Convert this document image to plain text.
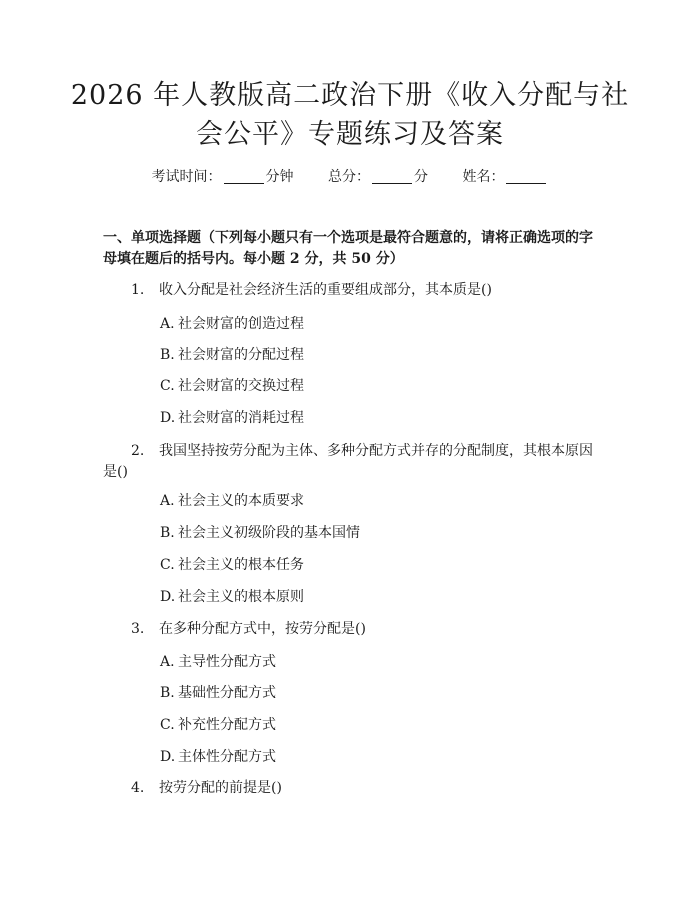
2026 年人教版高二政治下册《收入分配与社
会公平》专题练习及答案
考试时间：	分钟 总分：	分 姓名：
一、单项选择题（下列每小题只有一个选项是最符合题意的，请将正确选项的字母填在题后的括号内。每小题 2 分，共 50 分）
1. 收入分配是社会经济生活的重要组成部分，其本质是()
A. 社会财富的创造过程
B. 社会财富的分配过程
C. 社会财富的交换过程
D. 社会财富的消耗过程
2.	我国坚持按劳分配为主体、多种分配方式并存的分配制度，其根本原因是()
A. 社会主义的本质要求
B. 社会主义初级阶段的基本国情
C. 社会主义的根本任务
D. 社会主义的根本原则
3. 在多种分配方式中，按劳分配是()
A. 主导性分配方式
B. 基础性分配方式
C. 补充性分配方式
D. 主体性分配方式
4. 按劳分配的前提是()
